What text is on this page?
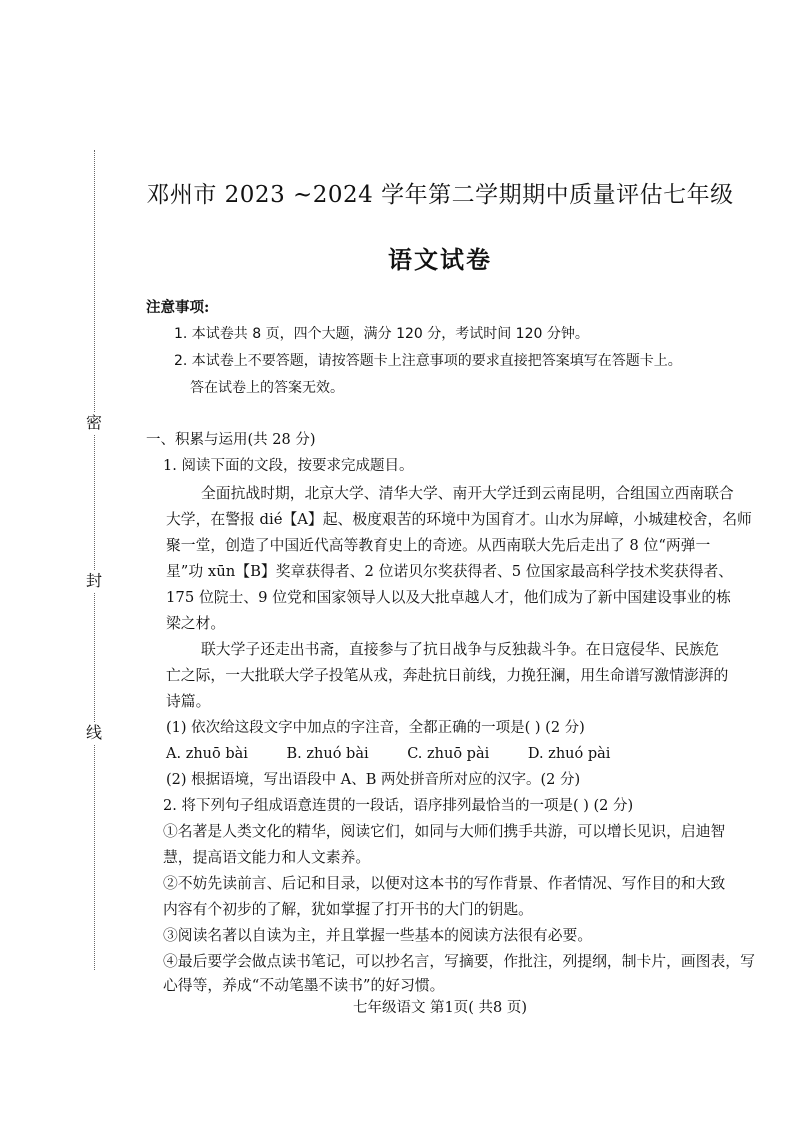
密
封
线
邓州市 2023 ~2024 学年第二学期期中质量评估七年级
语文试卷
注意事项:
1. 本试卷共 8 页，四个大题，满分 120 分，考试时间 120 分钟。
2. 本试卷上不要答题，请按答题卡上注意事项的要求直接把答案填写在答题卡上。
答在试卷上的答案无效。
一、积累与运用(共 28 分)
1. 阅读下面的文段，按要求完成题目。
全面抗战时期，北京大学、清华大学、南开大学迁到云南昆明，合组国立西南联合
大学，在警报 dié【A】起、极度艰苦的环境中为国育才。山水为屏嶂，小城建校舍，名师
聚一堂，创造了中国近代高等教育史上的奇迹。从西南联大先后走出了 8 位“两弹一
星”功 xūn【B】奖章获得者、2 位诺贝尔奖获得者、5 位国家最高科学技术奖获得者、
175 位院士、9 位党和国家领导人以及大批卓越人才，他们成为了新中国建设事业的栋
梁之材。
联大学子还走出书斋，直接参与了抗日战争与反独裁斗争。在日寇侵华、民族危
亡之际，一大批联大学子投笔从戎，奔赴抗日前线，力挽狂澜，用生命谱写激情澎湃的
诗篇。
(1) 依次给这段文字中加点的字注音，全都正确的一项是( ) (2 分)
A. zhuō bài	B. zhuó bài	C. zhuō pài	D. zhuó pài
(2) 根据语境，写出语段中 A、B 两处拼音所对应的汉字。(2 分)
2. 将下列句子组成语意连贯的一段话，语序排列最恰当的一项是( ) (2 分)
①名著是人类文化的精华，阅读它们，如同与大师们携手共游，可以增长见识，启迪智
慧，提高语文能力和人文素养。
②不妨先读前言、后记和目录，以便对这本书的写作背景、作者情况、写作目的和大致
内容有个初步的了解，犹如掌握了打开书的大门的钥匙。
③阅读名著以自读为主，并且掌握一些基本的阅读方法很有必要。
④最后要学会做点读书笔记，可以抄名言，写摘要，作批注，列提纲，制卡片，画图表，写
心得等，养成“不动笔墨不读书”的好习惯。
七年级语文 第1页( 共8 页)
